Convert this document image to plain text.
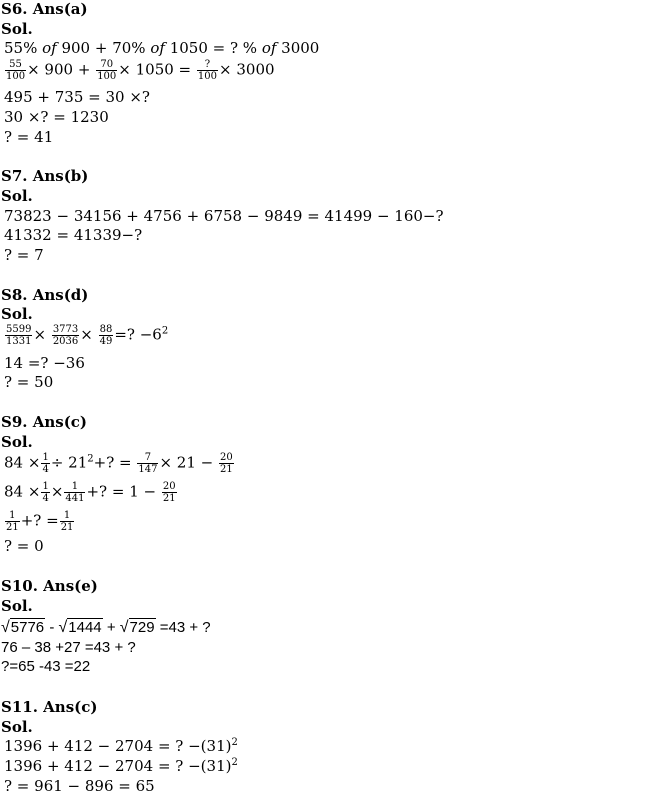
S6. Ans(a)
Sol.
55% of 900 + 70% of 1050 = ? % of 3000
$\frac{55}{100} \times 900 + \frac{70}{100} \times 1050 = \frac{?}{100} \times 3000$
495 + 735 = 30 ×?
30 ×? = 1230
? = 41
S7. Ans(b)
Sol.
73823 − 34156 + 4756 + 6758 − 9849 = 41499 − 160−?
41332 = 41339−?
? = 7
S8. Ans(d)
Sol.
$\frac{5599}{1331} \times \frac{3773}{2036} \times \frac{88}{49}$ =? $-6^2$
14 =? −36
? = 50
S9. Ans(c)
Sol.
$84 \times \frac{1}{4} \div 21^2+$? = $\frac{7}{147} \times 21 - \frac{20}{21}$
$84 \times \frac{1}{4} \times \frac{1}{441}$ +? = $1 - \frac{20}{21}$
$\frac{1}{21}$ +? = $\frac{1}{21}$
? = 0
S10. Ans(e)
Sol.
√5776 - √1444 + √729 =43 + ?
76 – 38 +27 =43 + ?
?=65 -43 =22
S11. Ans(c)
Sol.
1396 + 412 − 2704 = ? $-(31)^2$
1396 + 412 − 2704 = ? $-(31)^2$
? = 961 − 896 = 65
